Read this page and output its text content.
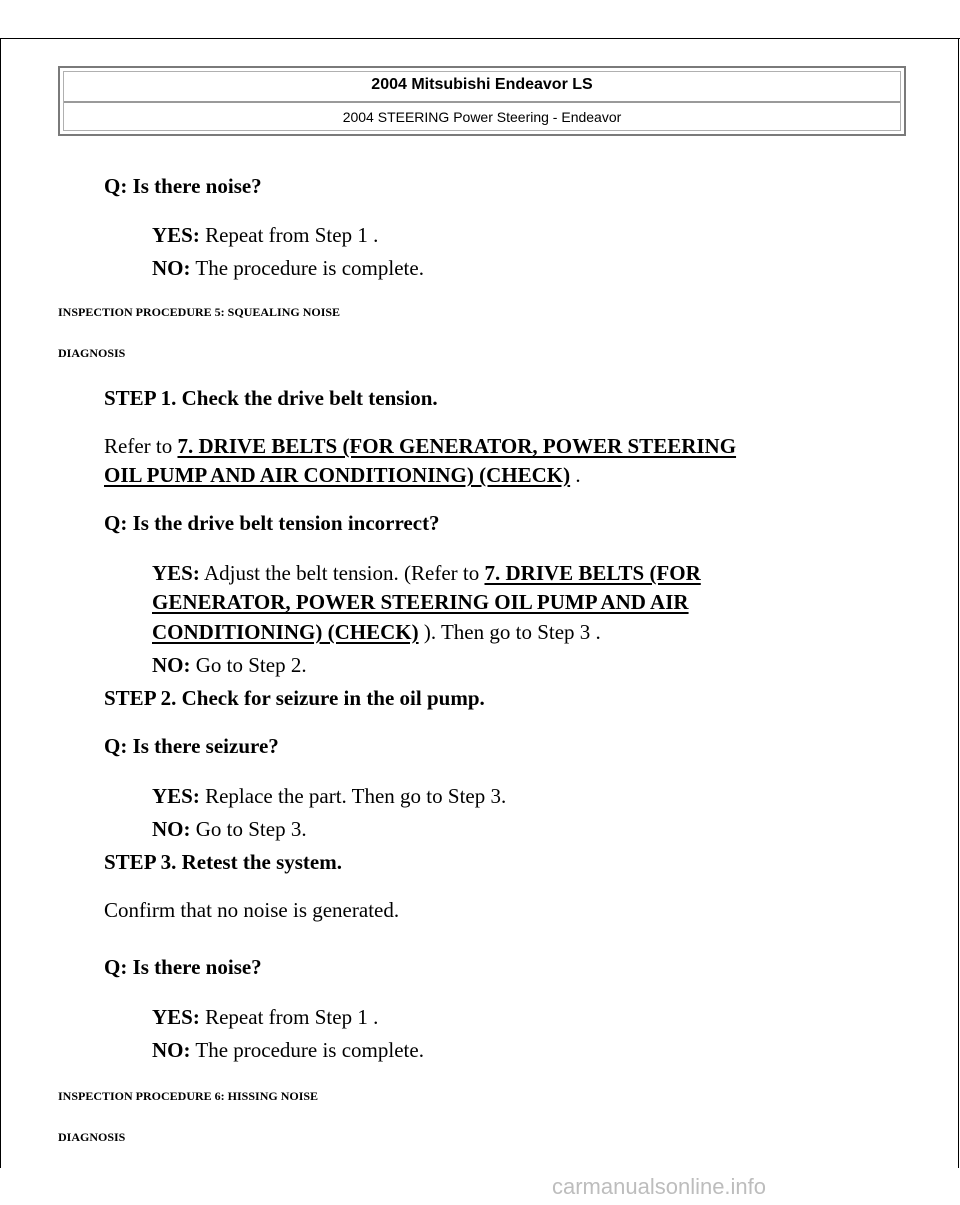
2004 Mitsubishi Endeavor LS
2004 STEERING Power Steering - Endeavor
Q: Is there noise?
YES: Repeat from Step 1 .
NO: The procedure is complete.
INSPECTION PROCEDURE 5: SQUEALING NOISE
DIAGNOSIS
STEP 1. Check the drive belt tension.
Refer to 7. DRIVE BELTS (FOR GENERATOR, POWER STEERING
OIL PUMP AND AIR CONDITIONING) (CHECK) .
Q: Is the drive belt tension incorrect?
YES: Adjust the belt tension. (Refer to 7. DRIVE BELTS (FOR
GENERATOR, POWER STEERING OIL PUMP AND AIR
CONDITIONING) (CHECK) ). Then go to Step 3 .
NO: Go to Step 2.
STEP 2. Check for seizure in the oil pump.
Q: Is there seizure?
YES: Replace the part. Then go to Step 3.
NO: Go to Step 3.
STEP 3. Retest the system.
Confirm that no noise is generated.
Q: Is there noise?
YES: Repeat from Step 1 .
NO: The procedure is complete.
INSPECTION PROCEDURE 6: HISSING NOISE
DIAGNOSIS
carmanualsonline.info
